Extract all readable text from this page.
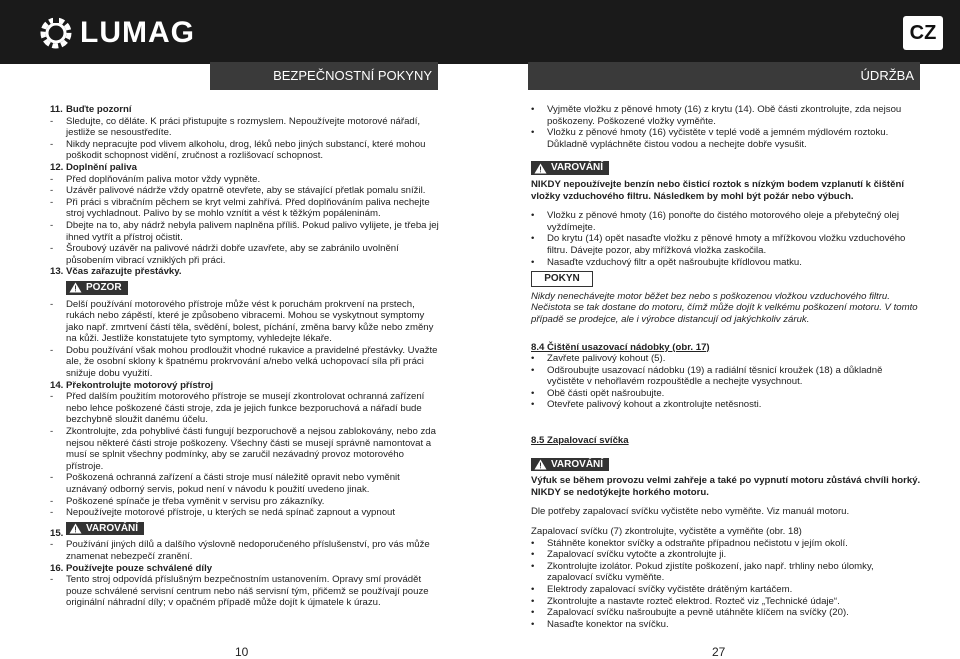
LUMAG	CZ
BEZPEČNOSTNÍ POKYNY	ÚDRŽBA
11. Buďte pozorní
-	Sledujte, co děláte. K práci přistupujte s rozmyslem. Nepoužívejte motorové nářadí, jestliže se nesoustředíte.
-	Nikdy nepracujte pod vlivem alkoholu, drog, léků nebo jiných substancí, které mohou poškodit schopnost vidění, zručnost a rozlišovací schopnost.
12. Doplnění paliva
-	Před doplňováním paliva motor vždy vypněte.
-	Uzávěr palivové nádrže vždy opatrně otevřete, aby se stávající přetlak pomalu snížil.
-	Při práci s vibračním pěchem se kryt velmi zahřívá. Před doplňováním paliva nechejte stroj vychladnout. Palivo by se mohlo vznítit a vést k těžkým popáleninám.
-	Dbejte na to, aby nádrž nebyla palivem naplněna příliš. Pokud palivo vylijete, je třeba jej ihned vytřít a přístroj očistit.
-	Šroubový uzávěr na palivové nádrži dobře uzavřete, aby se zabránilo uvolnění působením vibrací vzniklých při práci.
13. Včas zařazujte přestávky.
POZOR
-	Delší používání motorového přístroje může vést k poruchám prokrvení na prstech, rukách nebo zápěstí, které je způsobeno vibracemi. Mohou se vyskytnout symptomy jako např. zmrtvení částí těla, svědění, bolest, píchání, změna barvy kůže nebo změny na kůži. Jestliže konstatujete tyto symptomy, vyhledejte lékaře.
-	Dobu používání však mohou prodloužit vhodné rukavice a pravidelné přestávky. Uvažte ale, že osobní sklony k špatnému prokrvování a/nebo velká uchopovací síla při práci snižuje dobu využití.
14. Překontrolujte motorový přístroj
-	Před dalším použitím motorového přístroje se musejí zkontrolovat ochranná zařízení nebo lehce poškozené části stroje, zda je jejich funkce bezporuchová a nářadí bude bezchybně sloužit danému účelu.
-	Zkontrolujte, zda pohyblivé části fungují bezporuchově a nejsou zablokovány, nebo zda nejsou některé části stroje poškozeny. Všechny části se musejí správně namontovat a musí se splnit všechny podmínky, aby se zaručil nezávadný provoz motorového přístroje.
-	Poškozená ochranná zařízení a části stroje musí náležitě opravit nebo vyměnit uznávaný odborný servis, pokud není v návodu k použití uvedeno jinak.
-	Poškozené spínače je třeba vyměnit v servisu pro zákazníky.
-	Nepoužívejte motorové přístroje, u kterých se nedá spínač zapnout a vypnout
15. VAROVÁNÍ
-	Používání jiných dílů a dalšího výslovně nedoporučeného příslušenství, pro vás může znamenat nebezpečí zranění.
16. Používejte pouze schválené díly
-	Tento stroj odpovídá příslušným bezpečnostním ustanovením. Opravy smí provádět pouze schválené servisní centrum nebo náš servisní tým, přičemž se používají pouze originální náhradní díly; v opačném případě může dojít k újmatele k úrazu.
•	Vyjměte vložku z pěnové hmoty (16) z krytu (14). Obě části zkontrolujte, zda nejsou poškozeny. Poškozené vložky vyměňte.
•	Vložku z pěnové hmoty (16) vyčistěte v teplé vodě a jemném mýdlovém roztoku. Důkladně vypláchněte čistou vodou a nechejte dobře vysušit.
VAROVÁNÍ
NIKDY nepoužívejte benzín nebo čisticí roztok s nízkým bodem vzplanutí k čištění vložky vzduchového filtru. Následkem by mohl být požár nebo výbuch.
•	Vložku z pěnové hmoty (16) ponořte do čistého motorového oleje a přebytečný olej vyždímejte.
•	Do krytu (14) opět nasaďte vložku z pěnové hmoty a mřížkovou vložku vzduchového filtru. Dávejte pozor, aby mřížková vložka zaskočila.
•	Nasaďte vzduchový filtr a opět našroubujte křídlovou matku.
POKYN
Nikdy nenechávejte motor běžet bez nebo s poškozenou vložkou vzduchového filtru. Nečistota se tak dostane do motoru, čímž může dojít k velkému poškození motoru. V tomto případě se prodejce, ale i výrobce distancují od jakýchkoliv záruk.
8.4 Čištění usazovací nádobky (obr. 17)
•	Zavřete palivový kohout (5).
•	Odšroubujte usazovací nádobku (19) a radiální těsnicí kroužek (18) a důkladně vyčistěte v nehořlavém rozpouštědle a nechejte vysychnout.
•	Obě části opět našroubujte.
•	Otevřete palivový kohout a zkontrolujte netěsnosti.
8.5 Zapalovací svíčka
VAROVÁNÍ
Výfuk se během provozu velmi zahřeje a také po vypnutí motoru zůstává chvíli horký. NIKDY se nedotýkejte horkého motoru.
Dle potřeby zapalovací svíčku vyčistěte nebo vyměňte. Viz manuál motoru.
Zapalovací svíčku (7) zkontrolujte, vyčistěte a vyměňte (obr. 18)
•	Stáhněte konektor svíčky a odstraňte případnou nečistotu v jejím okolí.
•	Zapalovací svíčku vytočte a zkontrolujte ji.
•	Zkontrolujte izolátor. Pokud zjistíte poškození, jako např. trhliny nebo úlomky, zapalovací svíčku vyměňte.
•	Elektrody zapalovací svíčky vyčistěte drátěným kartáčem.
•	Zkontrolujte a nastavte rozteč elektrod. Rozteč viz „Technické údaje“.
•	Zapalovací svíčku našroubujte a pevně utáhněte klíčem na svíčky (20).
•	Nasaďte konektor na svíčku.
10	27
